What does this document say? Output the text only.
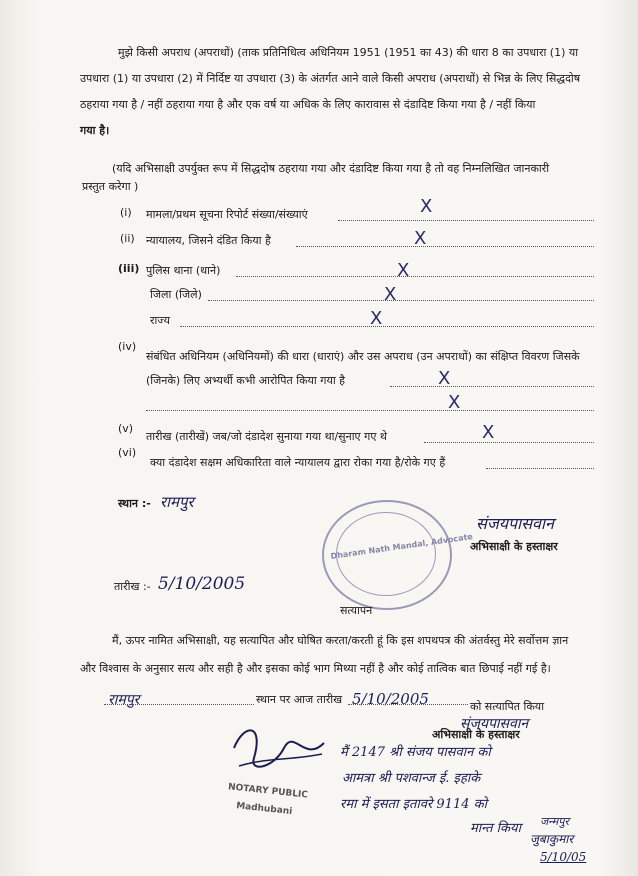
मुझे किसी अपराध (अपराधों) (ताक प्रतिनिधित्व अधिनियम 1951 (1951 का 43) की धारा 8 का उपधारा (1) या
उपधारा (1) या उपधारा (2) में निर्दिष्ट या उपधारा (3) के अंतर्गत आने वाले किसी अपराध (अपराधों) से भिन्न के लिए सिद्धदोष
ठहराया गया है / नहीं ठहराया गया है और एक वर्ष या अधिक के लिए कारावास से दंडादिष्ट किया गया है / नहीं किया
गया है।
(यदि अभिसाक्षी उपर्युक्त रूप में सिद्धदोष ठहराया गया और दंडादिष्ट किया गया है तो वह निम्नलिखित जानकारी
प्रस्तुत करेगा )
(i) मामला/प्रथम सूचना रिपोर्ट संख्या/संख्याएं	X
(ii) न्यायालय, जिसने दंडित किया है	X
(iii) पुलिस थाना (थाने)	X
जिला (जिले)	X
राज्य	X
(iv)
संबंधित अधिनियम (अधिनियमों) की धारा (धाराएं) और उस अपराध (उन अपराधों) का संक्षिप्त विवरण जिसके
(जिनके) लिए अभ्यर्थी कभी आरोपित किया गया है	X
X
(v)
तारीख (तारीखें) जब/जो दंडादेश सुनाया गया था/सुनाए गए थे	X
(vi)
क्या दंडादेश सक्षम अधिकारिता वाले न्यायालय द्वारा रोका गया है/रोके गए हैं
स्थान :- रामपुर
तारीख :- 5/10/2005
Dharam Nath Mandal, Advocate
संजयपासवान
अभिसाक्षी के हस्ताक्षर
सत्यापन
मैं, ऊपर नामित अभिसाक्षी, यह सत्यापित और घोषित करता/करती हूं कि इस शपथपत्र की अंतर्वस्तु मेरे सर्वोत्तम ज्ञान
और विश्वास के अनुसार सत्य और सही है और इसका कोई भाग मिथ्या नहीं है और कोई तात्विक बात छिपाई नहीं गई है।
रामपुर	स्थान पर आज तारीख 5/10/2005	को सत्यापित किया
संजयपासवान
अभिसाक्षी के हस्ताक्षर
NOTARY PUBLIC
Madhubani
मैं 2147 श्री संजय पासवान को
आमत्रा श्री पशवान्ज ई. इहाके
रमा में इसता इतावरे 9114 को
मान्त किया जन्मपुर
जुबाकुमार
5/10/05
